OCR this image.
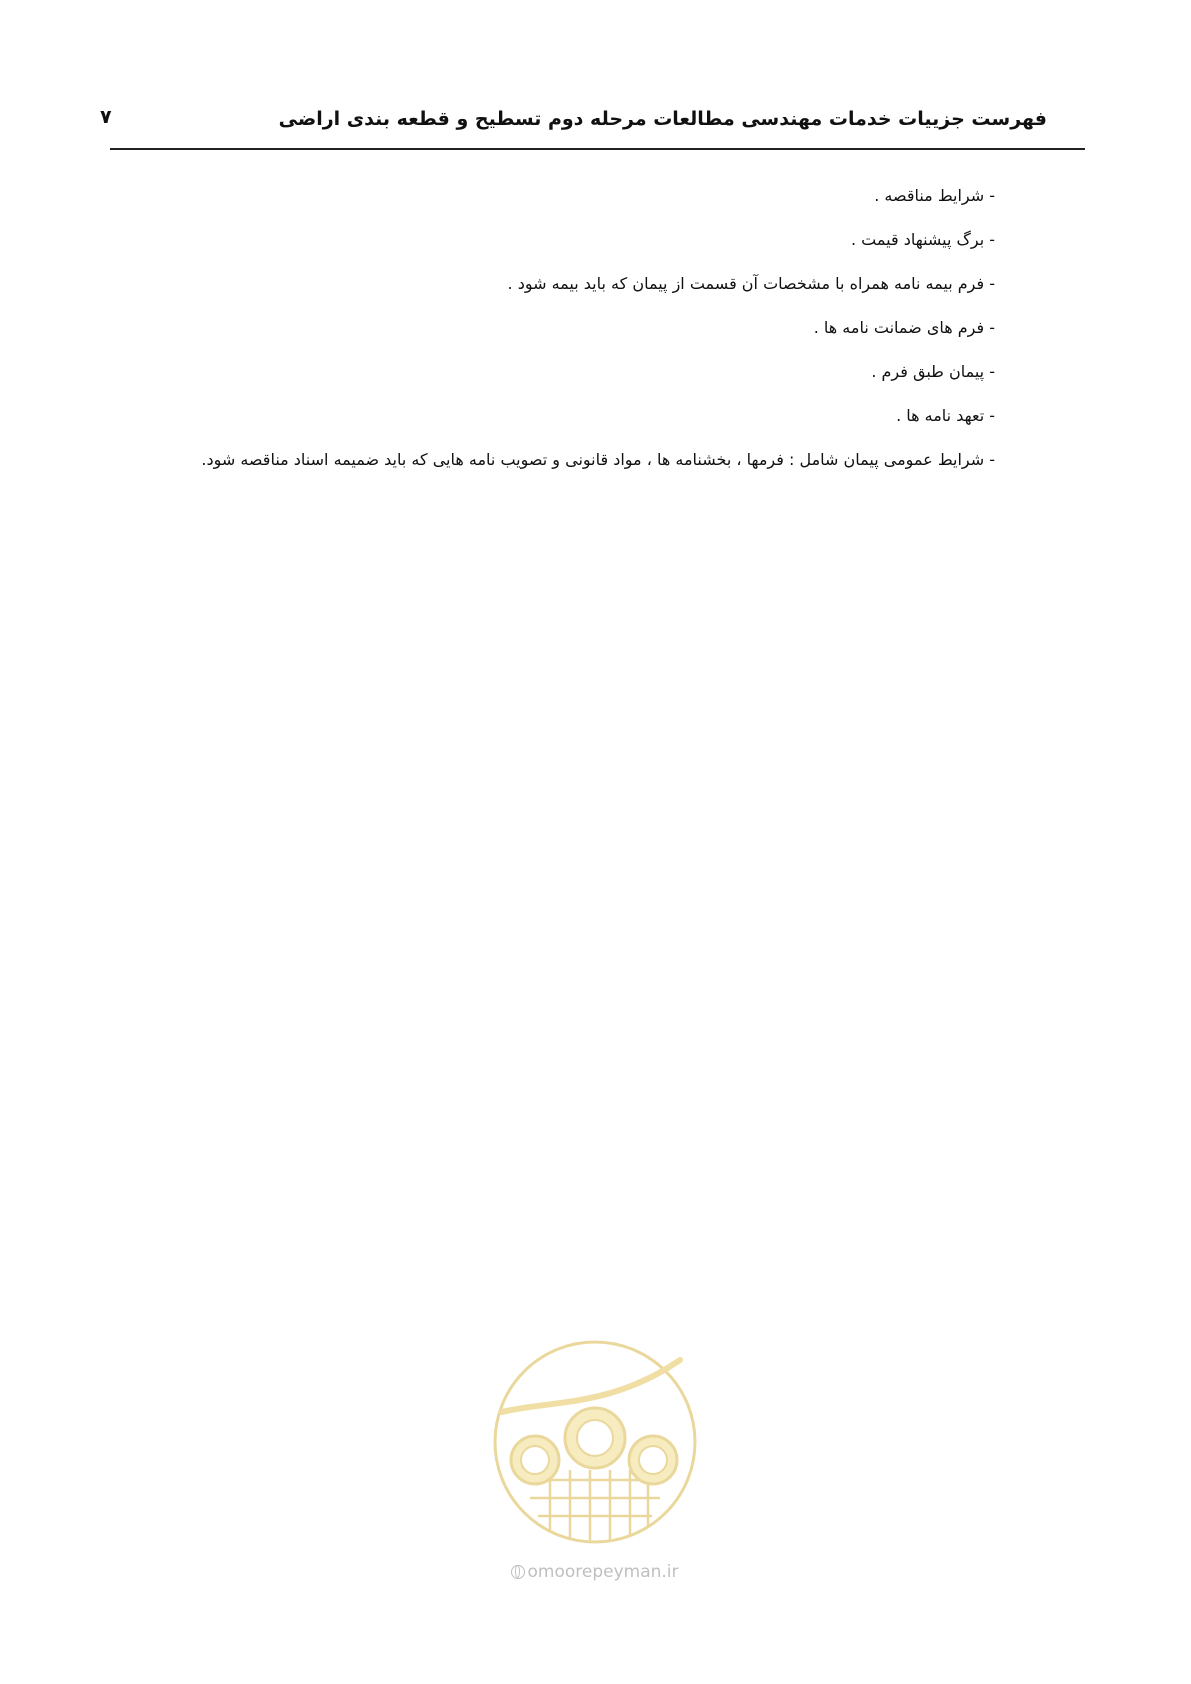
۷	فهرست جزییات خدمات مهندسی مطالعات مرحله دوم تسطیح و قطعه بندی اراضی
- شرایط مناقصه .
- برگ پیشنهاد قیمت .
- فرم بیمه نامه همراه با مشخصات آن قسمت از پیمان که باید بیمه شود .
- فرم های ضمانت نامه ها .
- پیمان طبق فرم .
- تعهد نامه ها .
- شرایط عمومی پیمان شامل : فرمها ، بخشنامه ها ، مواد قانونی و تصویب نامه هایی که باید ضمیمه اسناد مناقصه شود.
omoorepeyman.ir
